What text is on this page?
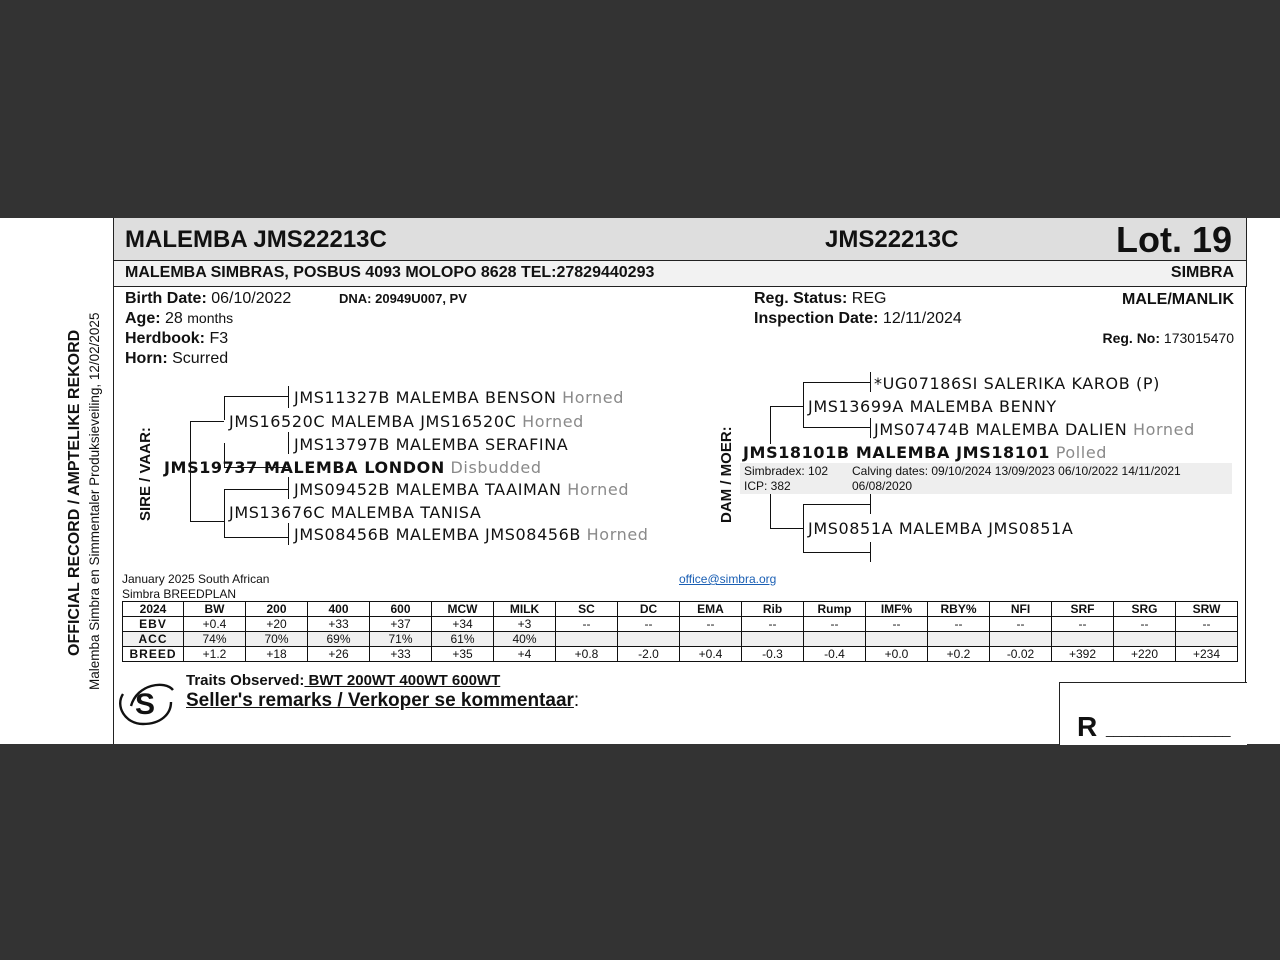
OFFICIAL RECORD / AMPTELIKE REKORD Malemba Simbra en Simmentaler Produksieveiling, 12/02/2025
MALEMBA JMS22213C	JMS22213C	Lot. 19
MALEMBA SIMBRAS, POSBUS 4093 MOLOPO 8628 TEL:27829440293	SIMBRA
Birth Date: 06/10/2022	DNA: 20949U007, PV
Age: 28 months
Herdbook: F3
Horn: Scurred
Reg. Status: REG
Inspection Date: 12/11/2024
MALE/MANLIK
Reg. No: 173015470
SIRE / VAAR:
JMS11327B MALEMBA BENSON Horned
JMS16520C MALEMBA JMS16520C Horned
JMS13797B MALEMBA SERAFINA
JMS19737 MALEMBA LONDON Disbudded
JMS09452B MALEMBA TAAIMAN Horned
JMS13676C MALEMBA TANISA
JMS08456B MALEMBA JMS08456B Horned
DAM / MOER:
*UG07186SI SALERIKA KAROB (P)
JMS13699A MALEMBA BENNY
JMS07474B MALEMBA DALIEN Horned
JMS18101B MALEMBA JMS18101 Polled
Simbradex: 102
ICP: 382
Calving dates: 09/10/2024 13/09/2023 06/10/2022 14/11/2021
06/08/2020
JMS0851A MALEMBA JMS0851A
January 2025 South African
Simbra BREEDPLAN
office@simbra.org
2024	BW	200	400	600	MCW	MILK	SC	DC	EMA	Rib	Rump	IMF%	RBY%	NFI	SRF	SRG	SRW
EBV	+0.4	+20	+33	+37	+34	+3	--	--	--	--	--	--	--	--	--	--	--
ACC	74%	70%	69%	71%	61%	40%											
BREED	+1.2	+18	+26	+33	+35	+4	+0.8	-2.0	+0.4	-0.3	-0.4	+0.0	+0.2	-0.02	+392	+220	+234
S
Traits Observed: BWT 200WT 400WT 600WT
Seller's remarks / Verkoper se kommentaar:
R ________________
